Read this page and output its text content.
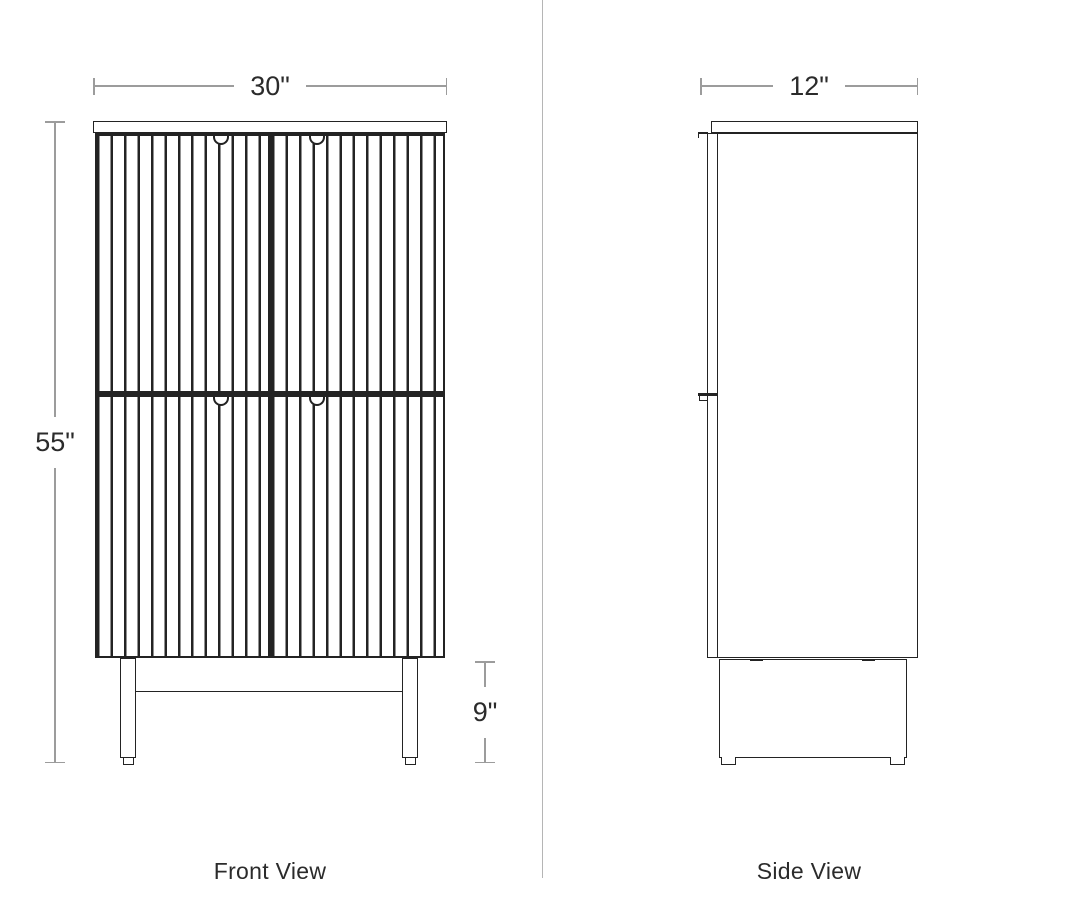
30"
55"
9"
Front View
12"
Side View
